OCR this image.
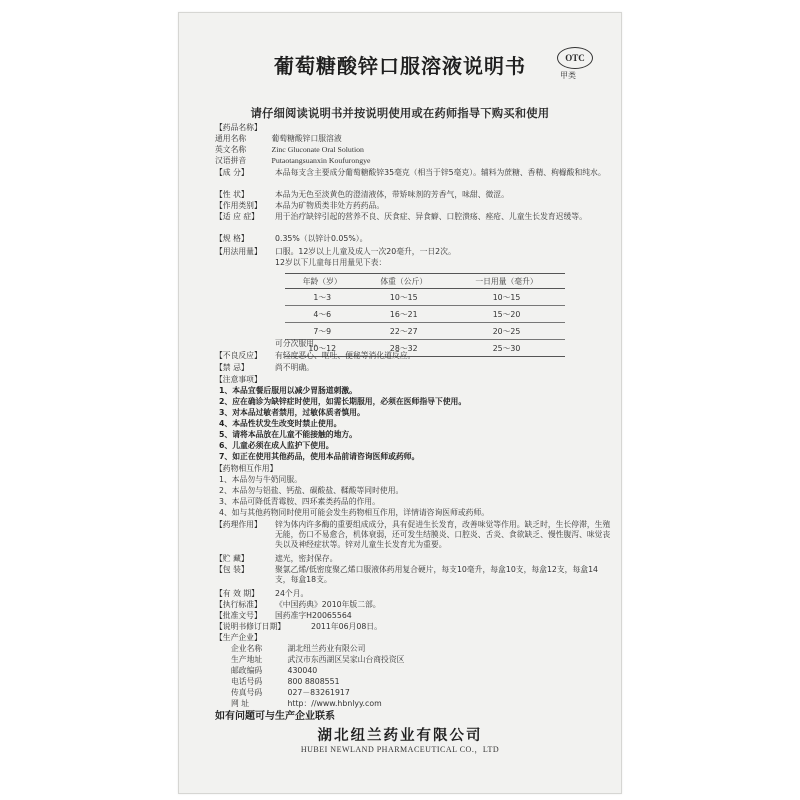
葡萄糖酸锌口服溶液说明书	OTC
甲类
请仔细阅读说明书并按说明使用或在药师指导下购买和使用
【药品名称】
通用名称	葡萄糖酸锌口服溶液
英文名称	Zinc Gluconate Oral Solution
汉语拼音	Putaotangsuanxin Koufurongye
【成 分】	本品每支含主要成分葡萄糖酸锌35毫克（相当于锌5毫克）。辅料为蔗糖、香精、枸橼酸和纯水。
【性 状】	本品为无色至淡黄色的澄清液体，带矫味剂的芳香气，味甜、微涩。
【作用类别】 本品为矿物质类非处方药药品。
【适 应 症】 用于治疗缺锌引起的营养不良、厌食症、异食癖、口腔溃疡、痤疮、儿童生长发育迟缓等。
【规 格】	0.35%（以锌计0.05%）。
【用法用量】 口服。12岁以上儿童及成人一次20毫升，一日2次。
12岁以下儿童每日用量见下表：
年龄（岁）	体重（公斤）	一日用量（毫升）
1～3	10～15	10～15
4～6	16～21	15～20
7～9	22～27	20～25
10～12	28～32	25～30
可分次服用。
【不良反应】 有轻度恶心、呕吐、便秘等消化道反应。
【禁 忌】	尚不明确。
【注意事项】
1、本品宜餐后服用以减少胃肠道刺激。
2、应在确诊为缺锌症时使用，如需长期服用，必须在医师指导下使用。
3、对本品过敏者禁用，过敏体质者慎用。
4、本品性状发生改变时禁止使用。
5、请将本品放在儿童不能接触的地方。
6、儿童必须在成人监护下使用。
7、如正在使用其他药品，使用本品前请咨询医师或药师。
【药物相互作用】
1、本品勿与牛奶同服。
2、本品勿与铝盐、钙盐、碳酸盐、鞣酸等同时使用。
3、本品可降低青霉胺、四环素类药品的作用。
4、如与其他药物同时使用可能会发生药物相互作用，详情请咨询医师或药师。
【药理作用】 锌为体内许多酶的重要组成成分，具有促进生长发育，改善味觉等作用。缺乏时，生长停滞，生殖无能，伤口不易愈合，机体衰弱，还可发生结膜炎、口腔炎、舌炎、食欲缺乏、慢性腹泻、味觉丧失以及神经症状等。锌对儿童生长发育尤为重要。
【贮 藏】	遮光，密封保存。
【包 装】	聚氯乙烯/低密度聚乙烯口服液体药用复合硬片，每支10毫升，每盒10支，每盒12支，每盒14支，每盒18支。
【有 效 期】 24个月。
【执行标准】 《中国药典》2010年版二部。
【批准文号】 国药准字H20065564
【说明书修订日期】	2011年06月08日。
【生产企业】
企业名称	湖北纽兰药业有限公司
生产地址	武汉市东西湖区吴家山台商投资区
邮政编码	430040
电话号码	800 8808551
传真号码	027－83261917
网 址	http：//www.hbnlyy.com
如有问题可与生产企业联系
湖北纽兰药业有限公司
HUBEI NEWLAND PHARMACEUTICAL CO.，LTD
